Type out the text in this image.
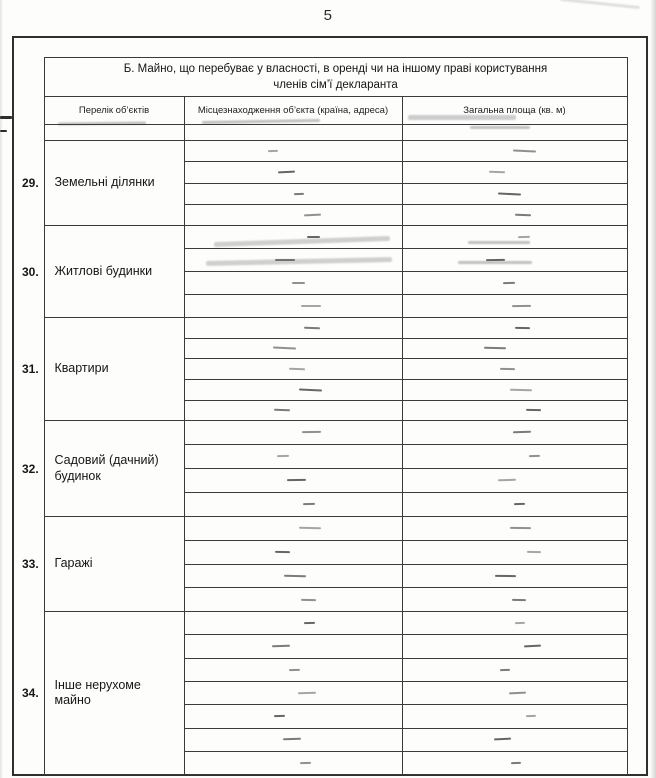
5

	Б. Майно, що перебуває у власності, в оренді чи на іншому праві користування
членів сім’ї декларанта		

	Перелік об’єктів	Місцезнаходження об’єкта (країна, адреса)	Загальна площа (кв. м)

29.	Земельні ділянки		

30.	Житлові будинки		

31.	Квартири		

32.	Садовий (дачний) будинок		

33.	Гаражі		

34.	Інше нерухоме майно		
